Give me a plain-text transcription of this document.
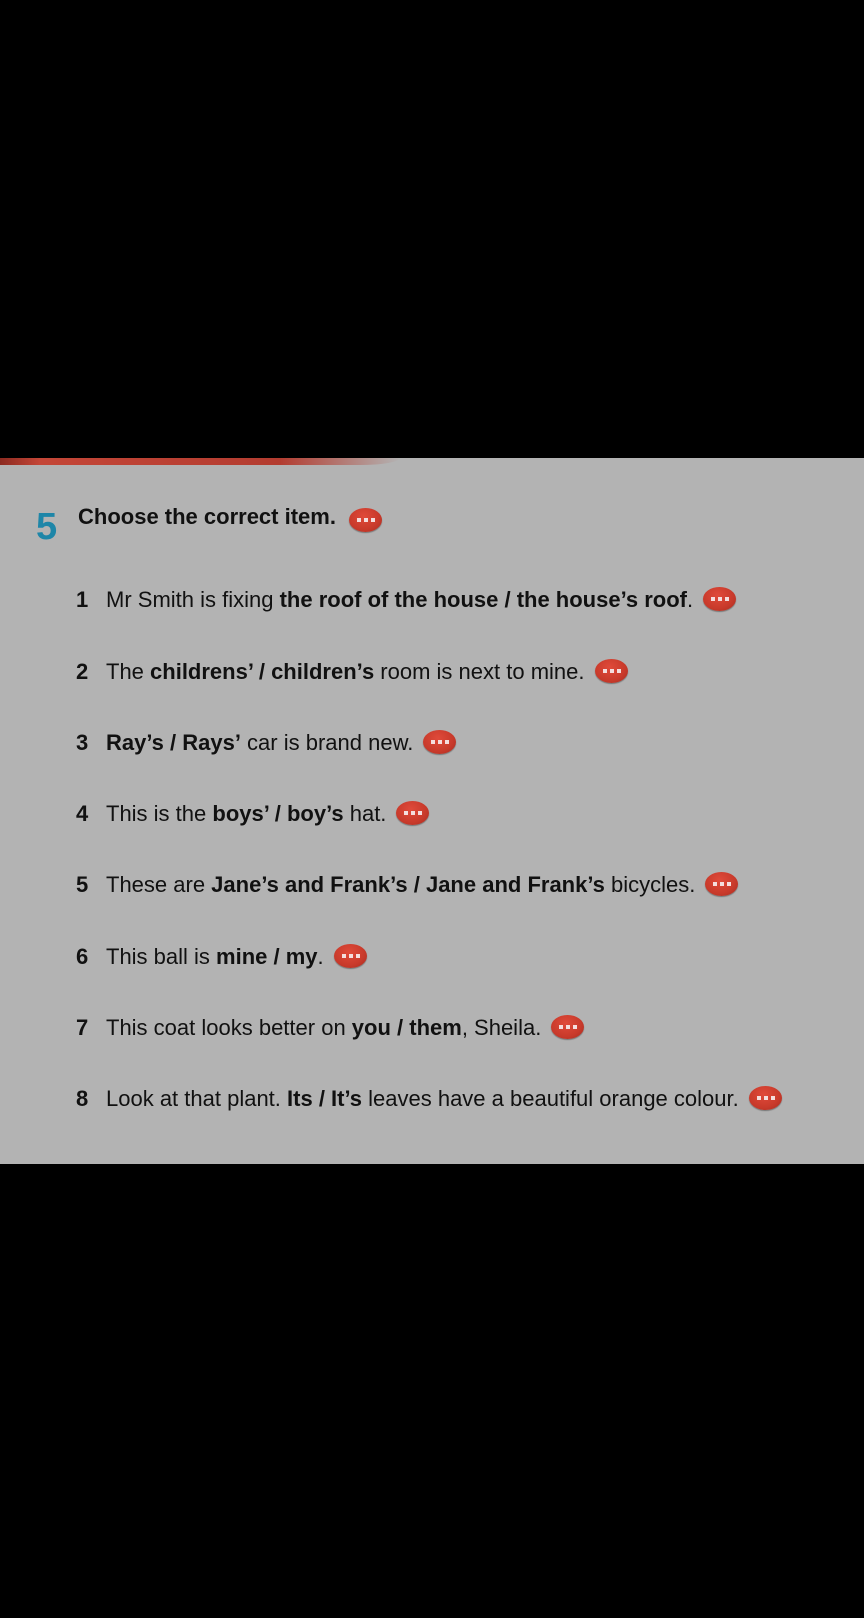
5 Choose the correct item.
1 Mr Smith is fixing the roof of the house / the house’s roof.
2 The childrens’ / children’s room is next to mine.
3 Ray’s / Rays’ car is brand new.
4 This is the boys’ / boy’s hat.
5 These are Jane’s and Frank’s / Jane and Frank’s bicycles.
6 This ball is mine / my.
7 This coat looks better on you / them, Sheila.
8 Look at that plant. Its / It’s leaves have a beautiful orange colour.
